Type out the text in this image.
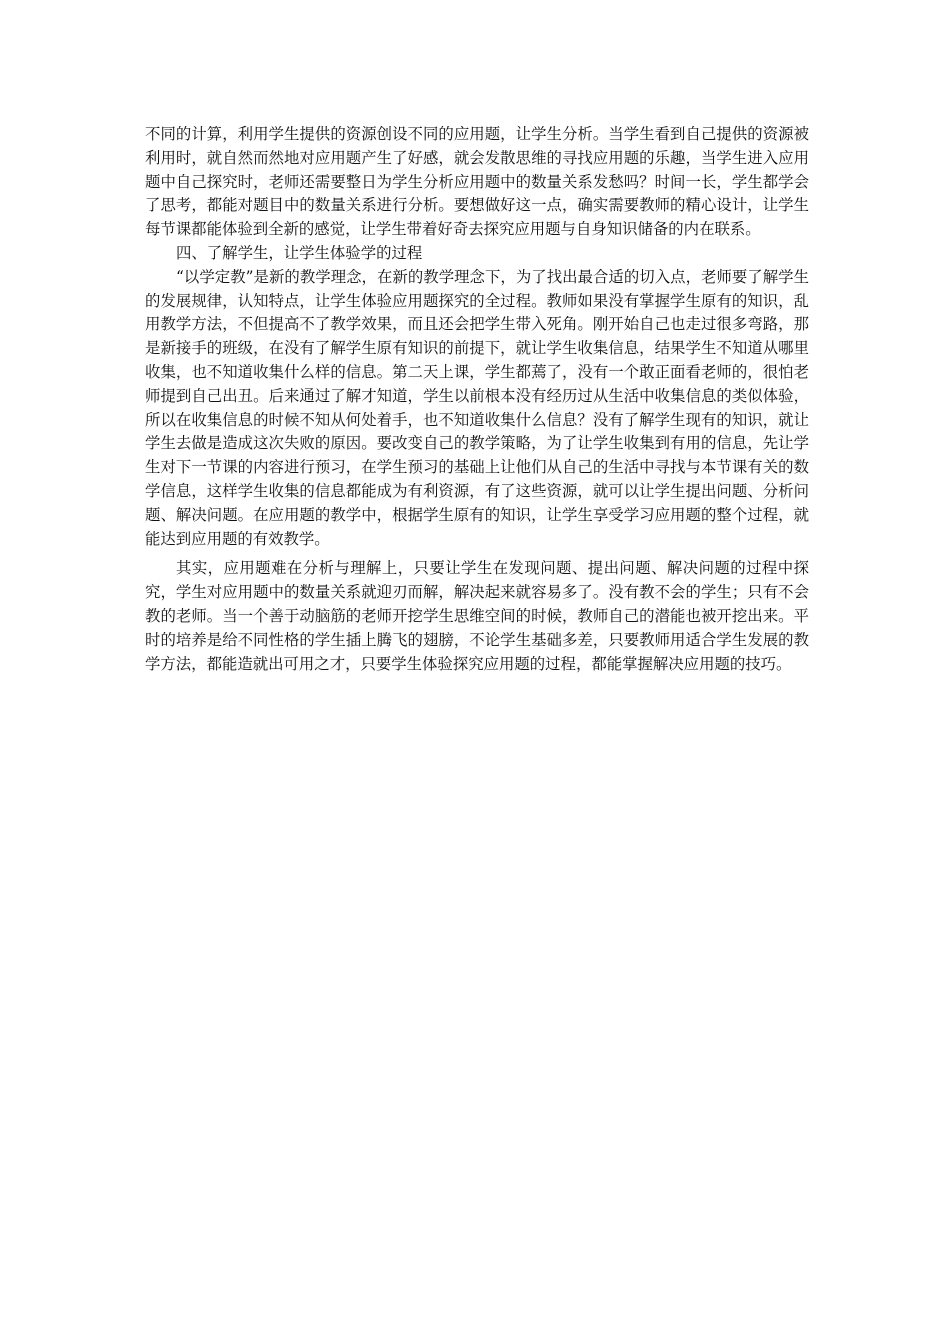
不同的计算，利用学生提供的资源创设不同的应用题，让学生分析。当学生看到自己提供的资源被利用时，就自然而然地对应用题产生了好感，就会发散思维的寻找应用题的乐趣，当学生进入应用题中自己探究时，老师还需要整日为学生分析应用题中的数量关系发愁吗？时间一长，学生都学会了思考，都能对题目中的数量关系进行分析。要想做好这一点，确实需要教师的精心设计，让学生每节课都能体验到全新的感觉，让学生带着好奇去探究应用题与自身知识储备的内在联系。

四、了解学生，让学生体验学的过程

“以学定教”是新的教学理念，在新的教学理念下，为了找出最合适的切入点，老师要了解学生的发展规律，认知特点，让学生体验应用题探究的全过程。教师如果没有掌握学生原有的知识，乱用教学方法，不但提高不了教学效果，而且还会把学生带入死角。刚开始自己也走过很多弯路，那是新接手的班级，在没有了解学生原有知识的前提下，就让学生收集信息，结果学生不知道从哪里收集，也不知道收集什么样的信息。第二天上课，学生都蔫了，没有一个敢正面看老师的，很怕老师提到自己出丑。后来通过了解才知道，学生以前根本没有经历过从生活中收集信息的类似体验，所以在收集信息的时候不知从何处着手，也不知道收集什么信息？没有了解学生现有的知识，就让学生去做是造成这次失败的原因。要改变自己的教学策略，为了让学生收集到有用的信息，先让学生对下一节课的内容进行预习，在学生预习的基础上让他们从自己的生活中寻找与本节课有关的数学信息，这样学生收集的信息都能成为有利资源，有了这些资源，就可以让学生提出问题、分析问题、解决问题。在应用题的教学中，根据学生原有的知识，让学生享受学习应用题的整个过程，就能达到应用题的有效教学。

其实，应用题难在分析与理解上，只要让学生在发现问题、提出问题、解决问题的过程中探究，学生对应用题中的数量关系就迎刃而解，解决起来就容易多了。没有教不会的学生；只有不会教的老师。当一个善于动脑筋的老师开挖学生思维空间的时候，教师自己的潜能也被开挖出来。平时的培养是给不同性格的学生插上腾飞的翅膀，不论学生基础多差，只要教师用适合学生发展的教学方法，都能造就出可用之才，只要学生体验探究应用题的过程，都能掌握解决应用题的技巧。
